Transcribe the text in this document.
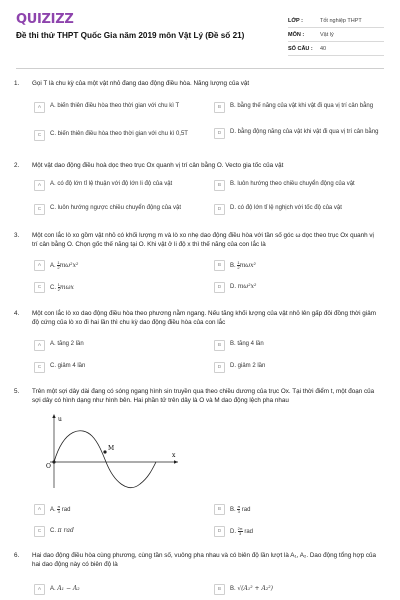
QUIZIZZ
Đề thi thử THPT Quốc Gia năm 2019 môn Vật Lý (Đề số 21)
LỚP :	Tốt nghiệp THPT
MÔN :	Vật lý
SỐ CÂU :	40
1. Gọi T là chu kỳ của một vật nhỏ đang dao động điều hòa. Năng lượng của vật
A	A. biến thiên điều hòa theo thời gian với chu kì T	B	B. bằng thế năng của vật khi vật đi qua vị trí cân bằng
C	C. biến thiên điều hòa theo thời gian với chu kì 0,5T	D	D. bằng động năng của vật khi vật đi qua vị trí cân bằng
2. Một vật dao động điều hoà dọc theo trục Ox quanh vị trí cân bằng O. Vecto gia tốc của vật
A	A. có độ lớn tỉ lệ thuận với độ lớn li độ của vật	B	B. luôn hướng theo chiều chuyển động của vật
C	C. luôn hướng ngược chiều chuyển động của vật	D	D. có độ lớn tỉ lệ nghịch với tốc độ của vật
3. Một con lắc lò xo gồm vật nhỏ có khối lượng m và lò xo nhẹ dao động điều hòa với tần số góc ω dọc theo trục Ox quanh vị trí cân bằng O. Chọn gốc thế năng tại O. Khi vật ở li độ x thì thế năng của con lắc là
A	A. $\frac{1}{2} m\omega^2x^2$	B	B. $\frac{1}{2} m\omega x^2$
C	C. $\frac{1}{2}$ mωx	D	D. mω²x²
4. Một con lắc lò xo dao động điều hòa theo phương nằm ngang. Nếu tăng khối lượng của vật nhỏ lên gấp đôi đồng thời giảm độ cứng của lò xo đi hai lần thì chu kỳ dao động điều hòa của con lắc
A	A. tăng 2 lần	B	B. tăng 4 lần
C	C. giảm 4 lần	D	D. giảm 2 lần
5. Trên một sợi dây dài đang có sóng ngang hình sin truyền qua theo chiều dương của trục Ox. Tại thời điểm t, một đoạn của sợi dây có hình dạng như hình bên. Hai phần tử trên dây là O và M dao động lệch pha nhau
u
x
O
M
A	A. $\frac{\pi}{3}$ rad	B	B. $\frac{\pi}{3}$ rad
C	C. π rad	D	D. $\frac{2\pi}{3}$ rad
6. Hai dao động điều hòa cùng phương, cùng tần số, vuông pha nhau và có biên độ lần lượt là A₁, A₂. Dao động tổng hợp của hai dao động này có biên độ là
A	A. A₁ − A₂	B	B. √(A₁² + A₂²)
